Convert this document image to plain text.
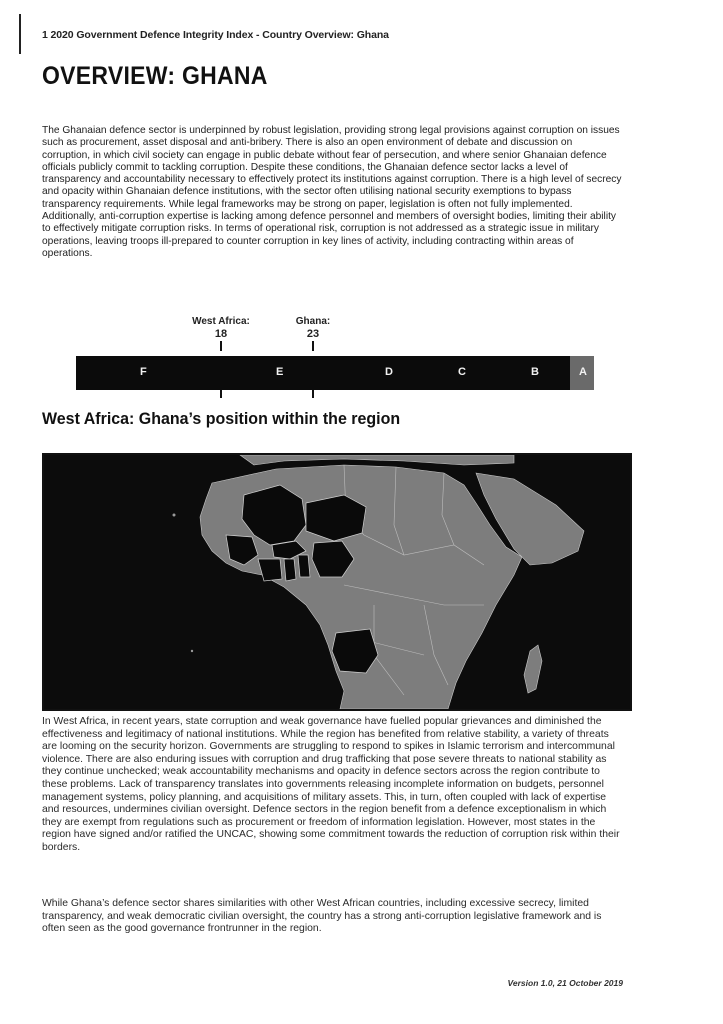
1 2020 Government Defence Integrity Index - Country Overview: Ghana
OVERVIEW: GHANA

The Ghanaian defence sector is underpinned by robust legislation, providing strong legal provisions against corruption on issues such as procurement, asset disposal and anti-bribery. There is also an open environment of debate and discussion on corruption, in which civil society can engage in public debate without fear of persecution, and where senior Ghanaian defence officials publicly commit to tackling corruption. Despite these conditions, the Ghanaian defence sector lacks a level of transparency and accountability necessary to effectively protect its institutions against corruption. There is a high level of secrecy and opacity within Ghanaian defence institutions, with the sector often utilising national security exemptions to bypass transparency requirements. While legal frameworks may be strong on paper, legislation is often not fully implemented. Additionally, anti-corruption expertise is lacking among defence personnel and members of oversight bodies, limiting their ability to effectively mitigate corruption risks. In terms of operational risk, corruption is not addressed as a strategic issue in military operations, leaving troops ill-prepared to counter corruption in key lines of activity, including contracting within areas of operations.

West Africa:
18
Ghana:
23
F	E	D	C	B	A
West Africa: Ghana’s position within the region

In West Africa, in recent years, state corruption and weak governance have fuelled popular grievances and diminished the effectiveness and legitimacy of national institutions. While the region has benefited from relative stability, a variety of threats are looming on the security horizon. Governments are struggling to respond to spikes in Islamic terrorism and intercommunal violence. There are also enduring issues with corruption and drug trafficking that pose severe threats to national stability as they continue unchecked; weak accountability mechanisms and opacity in defence sectors across the region contribute to these problems. Lack of transparency translates into governments releasing incomplete information on budgets, personnel management systems, policy planning, and acquisitions of military assets. This, in turn, often coupled with lack of expertise and resources, undermines civilian oversight. Defence sectors in the region benefit from a defence exceptionalism in which they are exempt from regulations such as procurement or freedom of information legislation. However, most states in the region have signed and/or ratified the UNCAC, showing some commitment towards the reduction of corruption risk within their borders.

While Ghana’s defence sector shares similarities with other West African countries, including excessive secrecy, limited transparency, and weak democratic civilian oversight, the country has a strong anti-corruption legislative framework and is often seen as the good governance frontrunner in the region.

Version 1.0, 21 October 2019
